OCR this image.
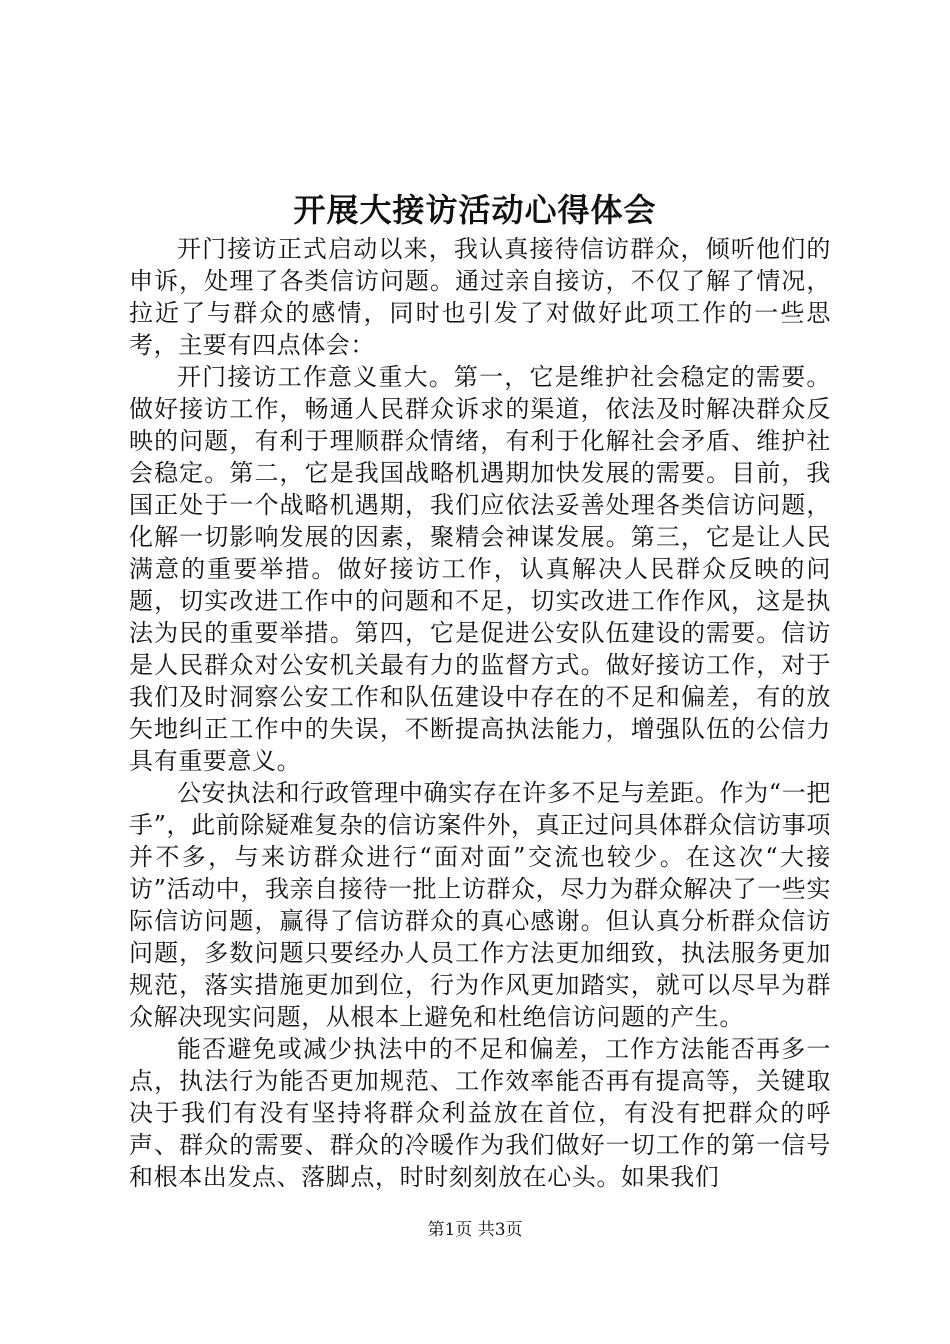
开展大接访活动心得体会

开门接访正式启动以来，我认真接待信访群众，倾听他们的申诉，处理了各类信访问题。通过亲自接访，不仅了解了情况，拉近了与群众的感情，同时也引发了对做好此项工作的一些思考，主要有四点体会：

开门接访工作意义重大。第一，它是维护社会稳定的需要。做好接访工作，畅通人民群众诉求的渠道，依法及时解决群众反映的问题，有利于理顺群众情绪，有利于化解社会矛盾、维护社会稳定。第二，它是我国战略机遇期加快发展的需要。目前，我国正处于一个战略机遇期，我们应依法妥善处理各类信访问题，化解一切影响发展的因素，聚精会神谋发展。第三，它是让人民满意的重要举措。做好接访工作，认真解决人民群众反映的问题，切实改进工作中的问题和不足，切实改进工作作风，这是执法为民的重要举措。第四，它是促进公安队伍建设的需要。信访是人民群众对公安机关最有力的监督方式。做好接访工作，对于我们及时洞察公安工作和队伍建设中存在的不足和偏差，有的放矢地纠正工作中的失误，不断提高执法能力，增强队伍的公信力具有重要意义。

公安执法和行政管理中确实存在许多不足与差距。作为“一把手”，此前除疑难复杂的信访案件外，真正过问具体群众信访事项并不多，与来访群众进行“面对面”交流也较少。在这次“大接访”活动中，我亲自接待一批上访群众，尽力为群众解决了一些实际信访问题，赢得了信访群众的真心感谢。但认真分析群众信访问题，多数问题只要经办人员工作方法更加细致，执法服务更加规范，落实措施更加到位，行为作风更加踏实，就可以尽早为群众解决现实问题，从根本上避免和杜绝信访问题的产生。

能否避免或减少执法中的不足和偏差，工作方法能否再多一点，执法行为能否更加规范、工作效率能否再有提高等，关键取决于我们有没有坚持将群众利益放在首位，有没有把群众的呼声、群众的需要、群众的冷暖作为我们做好一切工作的第一信号和根本出发点、落脚点，时时刻刻放在心头。如果我们

第1页 共3页
